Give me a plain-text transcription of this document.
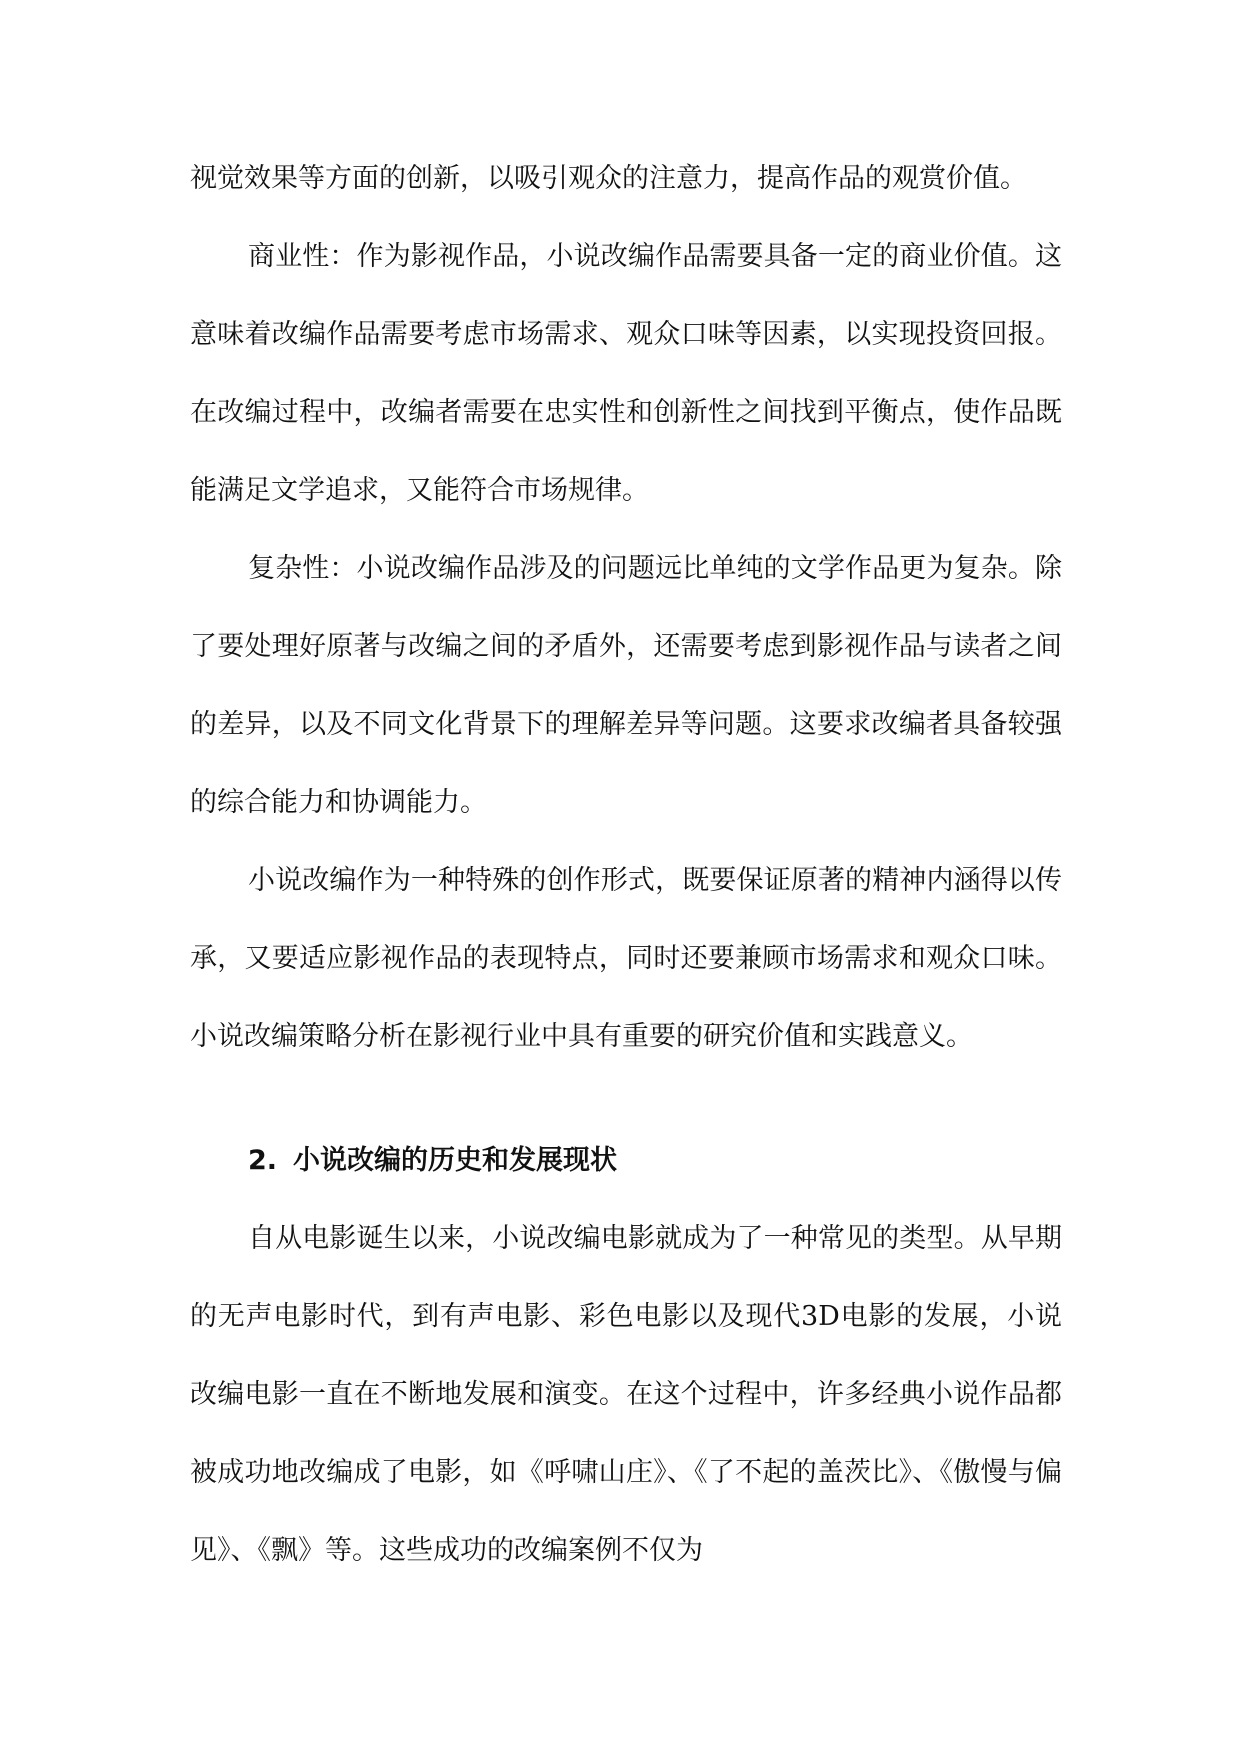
视觉效果等方面的创新，以吸引观众的注意力，提高作品的观赏价值。

商业性：作为影视作品，小说改编作品需要具备一定的商业价值。这意味着改编作品需要考虑市场需求、观众口味等因素，以实现投资回报。在改编过程中，改编者需要在忠实性和创新性之间找到平衡点，使作品既能满足文学追求，又能符合市场规律。

复杂性：小说改编作品涉及的问题远比单纯的文学作品更为复杂。除了要处理好原著与改编之间的矛盾外，还需要考虑到影视作品与读者之间的差异，以及不同文化背景下的理解差异等问题。这要求改编者具备较强的综合能力和协调能力。

小说改编作为一种特殊的创作形式，既要保证原著的精神内涵得以传承，又要适应影视作品的表现特点，同时还要兼顾市场需求和观众口味。小说改编策略分析在影视行业中具有重要的研究价值和实践意义。

2. 小说改编的历史和发展现状

自从电影诞生以来，小说改编电影就成为了一种常见的类型。从早期的无声电影时代，到有声电影、彩色电影以及现代3D电影的发展，小说改编电影一直在不断地发展和演变。在这个过程中，许多经典小说作品都被成功地改编成了电影，如《呼啸山庄》、《了不起的盖茨比》、《傲慢与偏见》、《飘》等。这些成功的改编案例不仅为
